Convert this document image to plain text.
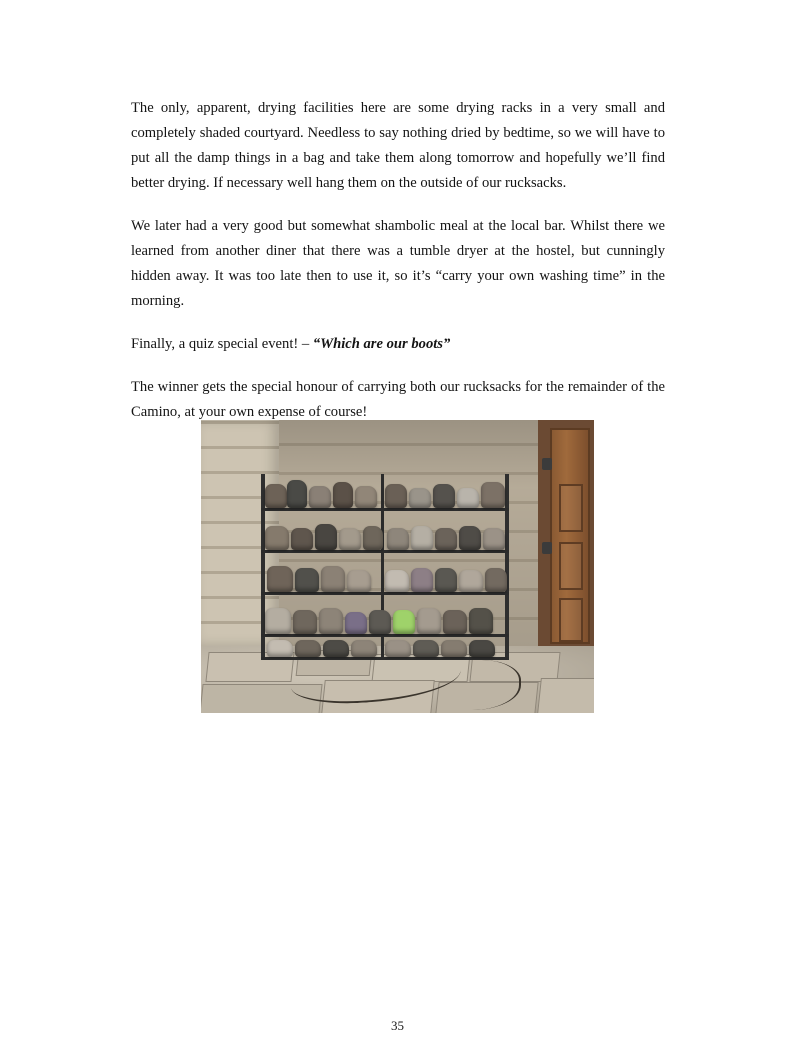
The only, apparent, drying facilities here are some drying racks in a very small and completely shaded courtyard. Needless to say nothing dried by bedtime, so we will have to put all the damp things in a bag and take them along tomorrow and hopefully we’ll find better drying. If necessary well hang them on the outside of our rucksacks.

We later had a very good but somewhat shambolic meal at the local bar. Whilst there we learned from another diner that there was a tumble dryer at the hostel, but cunningly hidden away. It was too late then to use it, so it’s “carry your own washing time” in the morning.

Finally, a quiz special event! – “Which are our boots”

The winner gets the special honour of carrying both our rucksacks for the remainder of the Camino, at your own expense of course!

35
